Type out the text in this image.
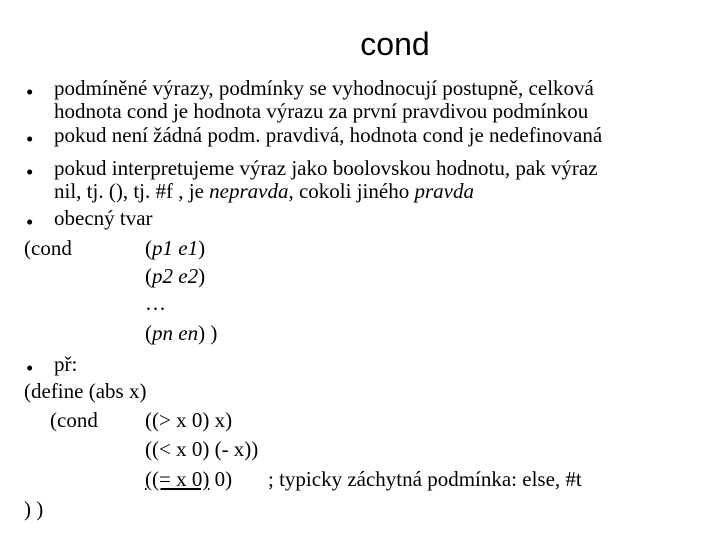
cond
• podmíněné výrazy, podmínky se vyhodnocují postupně, celková
hodnota cond je hodnota výrazu za první pravdivou podmínkou
• pokud není žádná podm. pravdivá, hodnota cond je nedefinovaná
• pokud interpretujeme výraz jako boolovskou hodnotu, pak výraz
nil, tj. (), tj. #f , je nepravda, cokoli jiného pravda
• obecný tvar
(cond	(p1 e1)
(p2 e2)
…
(pn en) )
• př:
(define (abs x)
(cond ((> x 0) x)
((< x 0) (- x))
((= x 0) 0) ; typicky záchytná podmínka: else, #t
) )
